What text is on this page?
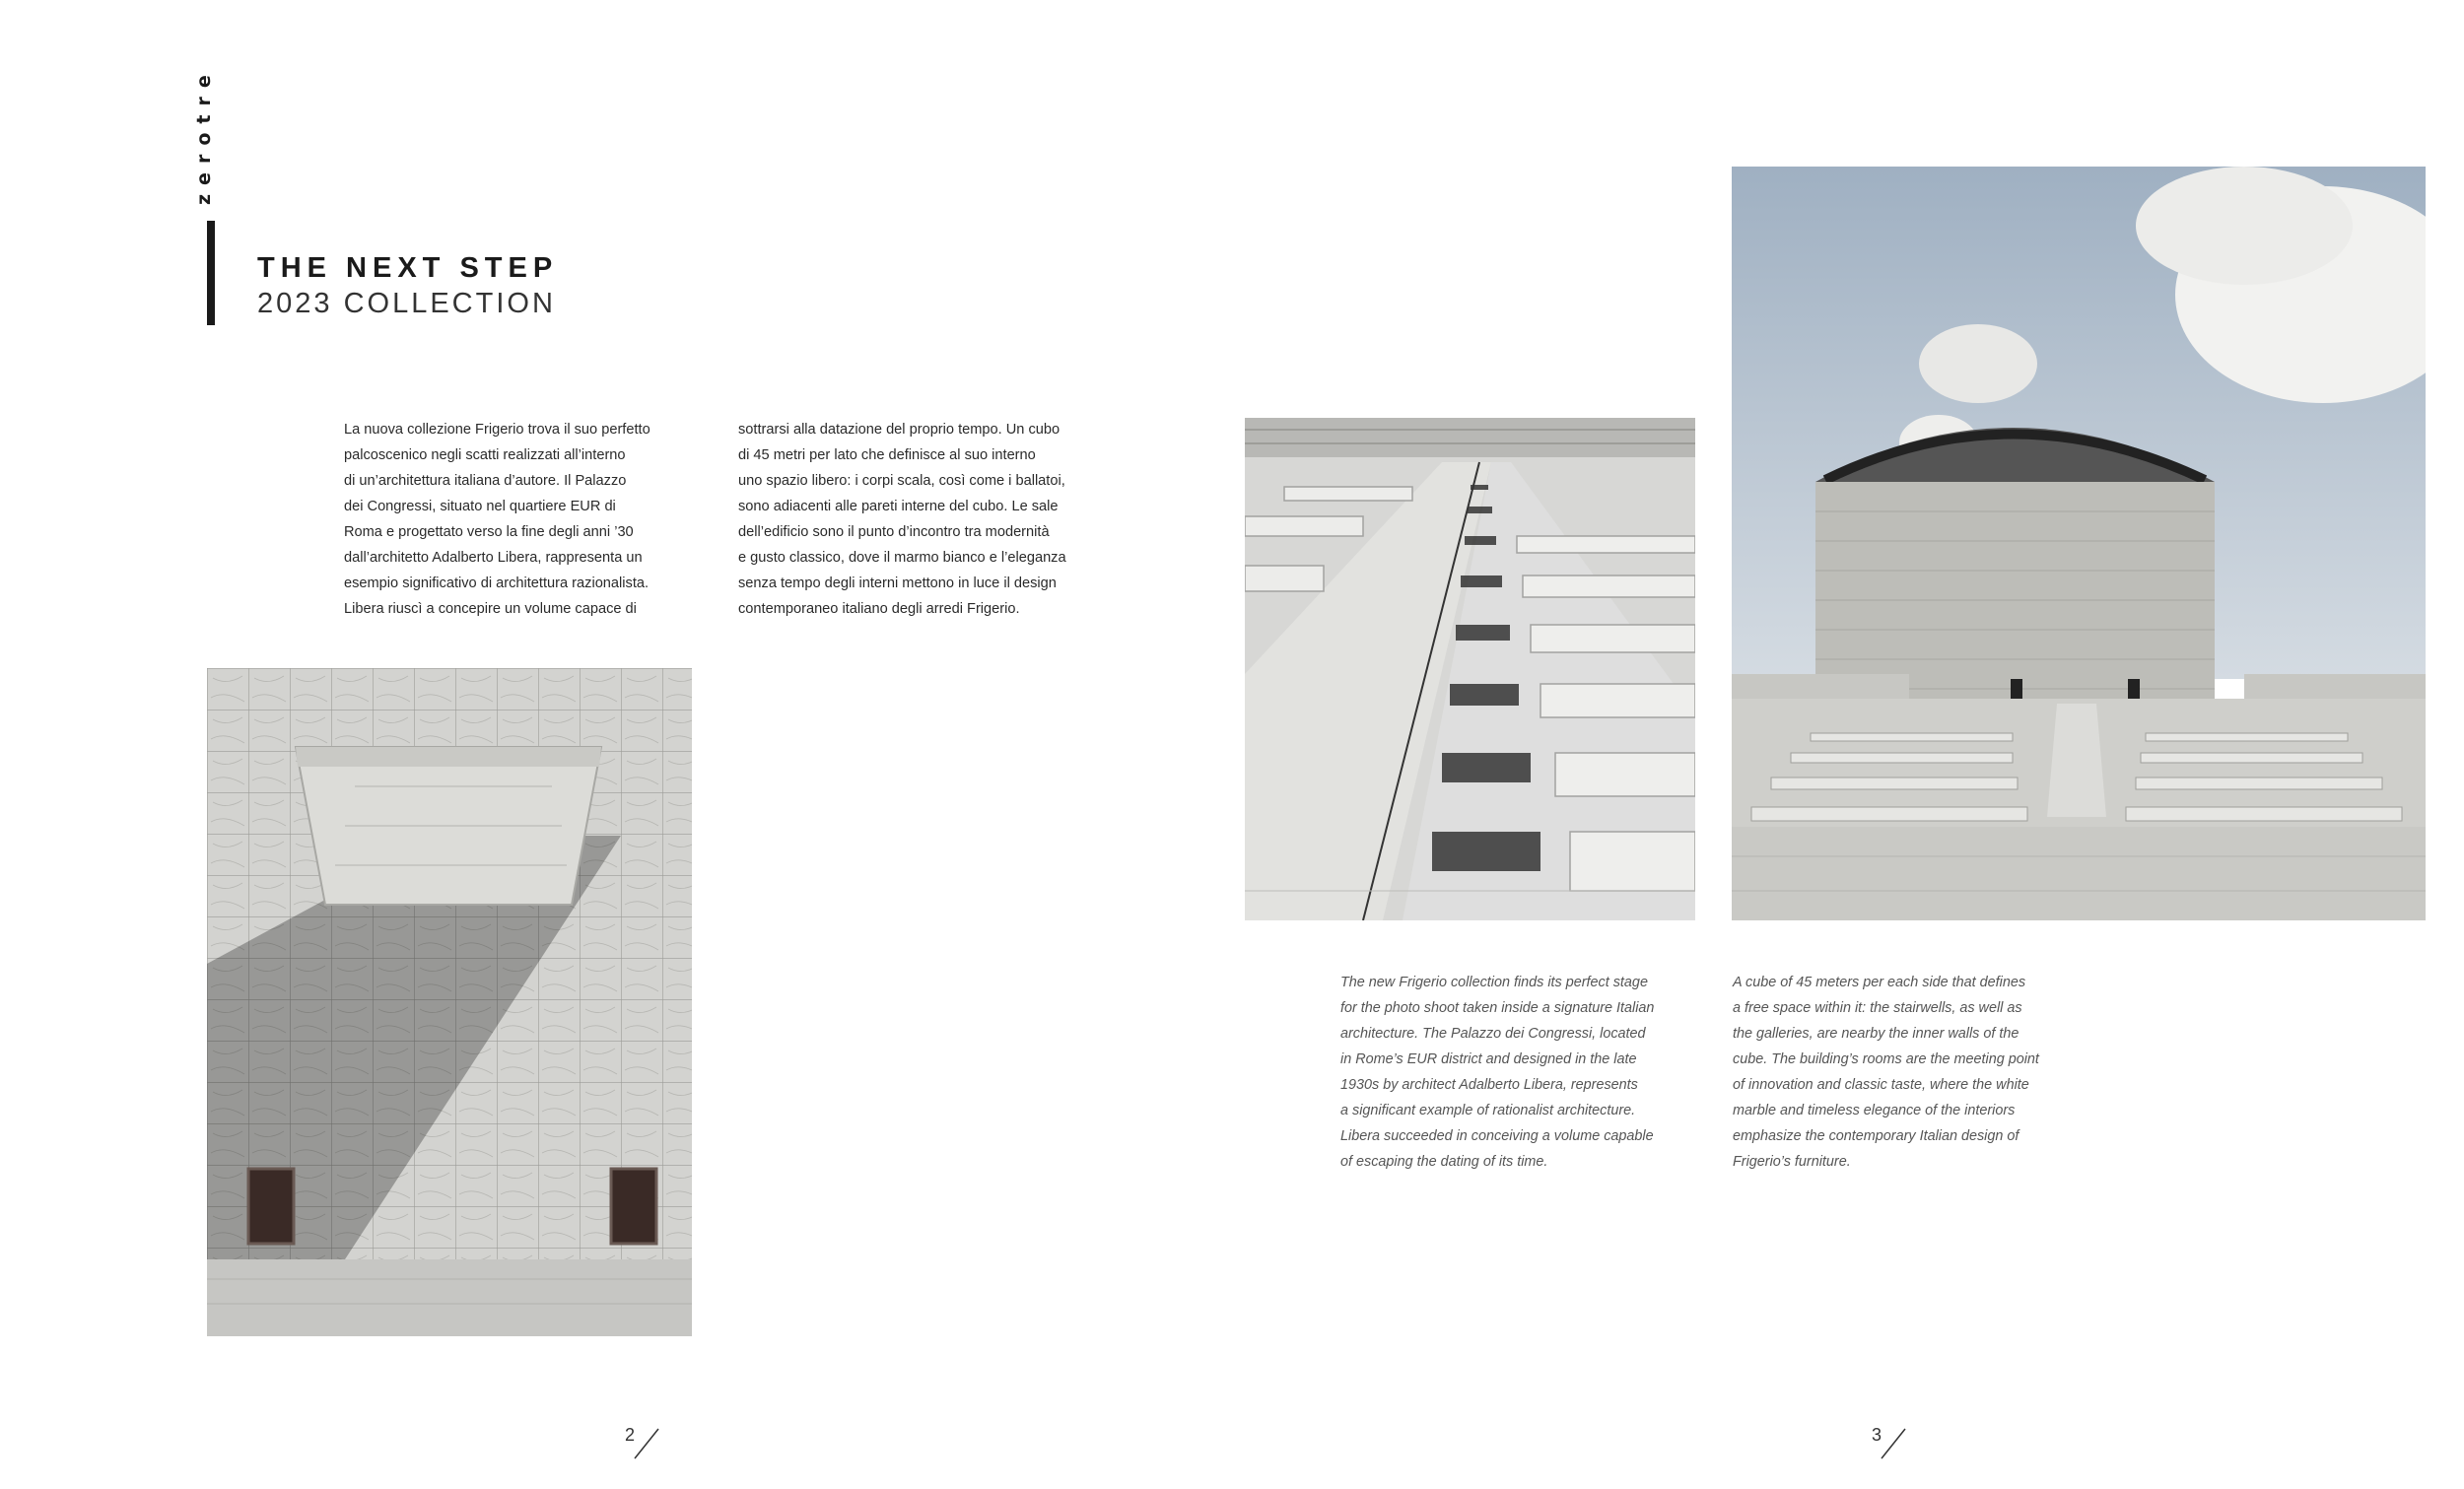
zerotre
THE NEXT STEP
2023 COLLECTION

La nuova collezione Frigerio trova il suo perfetto
palcoscenico negli scatti realizzati all’interno
di un’architettura italiana d’autore. Il Palazzo
dei Congressi, situato nel quartiere EUR di
Roma e progettato verso la fine degli anni ’30
dall’architetto Adalberto Libera, rappresenta un
esempio significativo di architettura razionalista.
Libera riuscì a concepire un volume capace di

sottrarsi alla datazione del proprio tempo. Un cubo
di 45 metri per lato che definisce al suo interno
uno spazio libero: i corpi scala, così come i ballatoi,
sono adiacenti alle pareti interne del cubo. Le sale
dell’edificio sono il punto d’incontro tra modernità
e gusto classico, dove il marmo bianco e l’eleganza
senza tempo degli interni mettono in luce il design
contemporaneo italiano degli arredi Frigerio.

The new Frigerio collection finds its perfect stage
for the photo shoot taken inside a signature Italian
architecture. The Palazzo dei Congressi, located
in Rome’s EUR district and designed in the late
1930s by architect Adalberto Libera, represents
a significant example of rationalist architecture.
Libera succeeded in conceiving a volume capable
of escaping the dating of its time.

A cube of 45 meters per each side that defines
a free space within it: the stairwells, as well as
the galleries, are nearby the inner walls of the
cube. The building’s rooms are the meeting point
of innovation and classic taste, where the white
marble and timeless elegance of the interiors
emphasize the contemporary Italian design of
Frigerio’s furniture.

2	3
